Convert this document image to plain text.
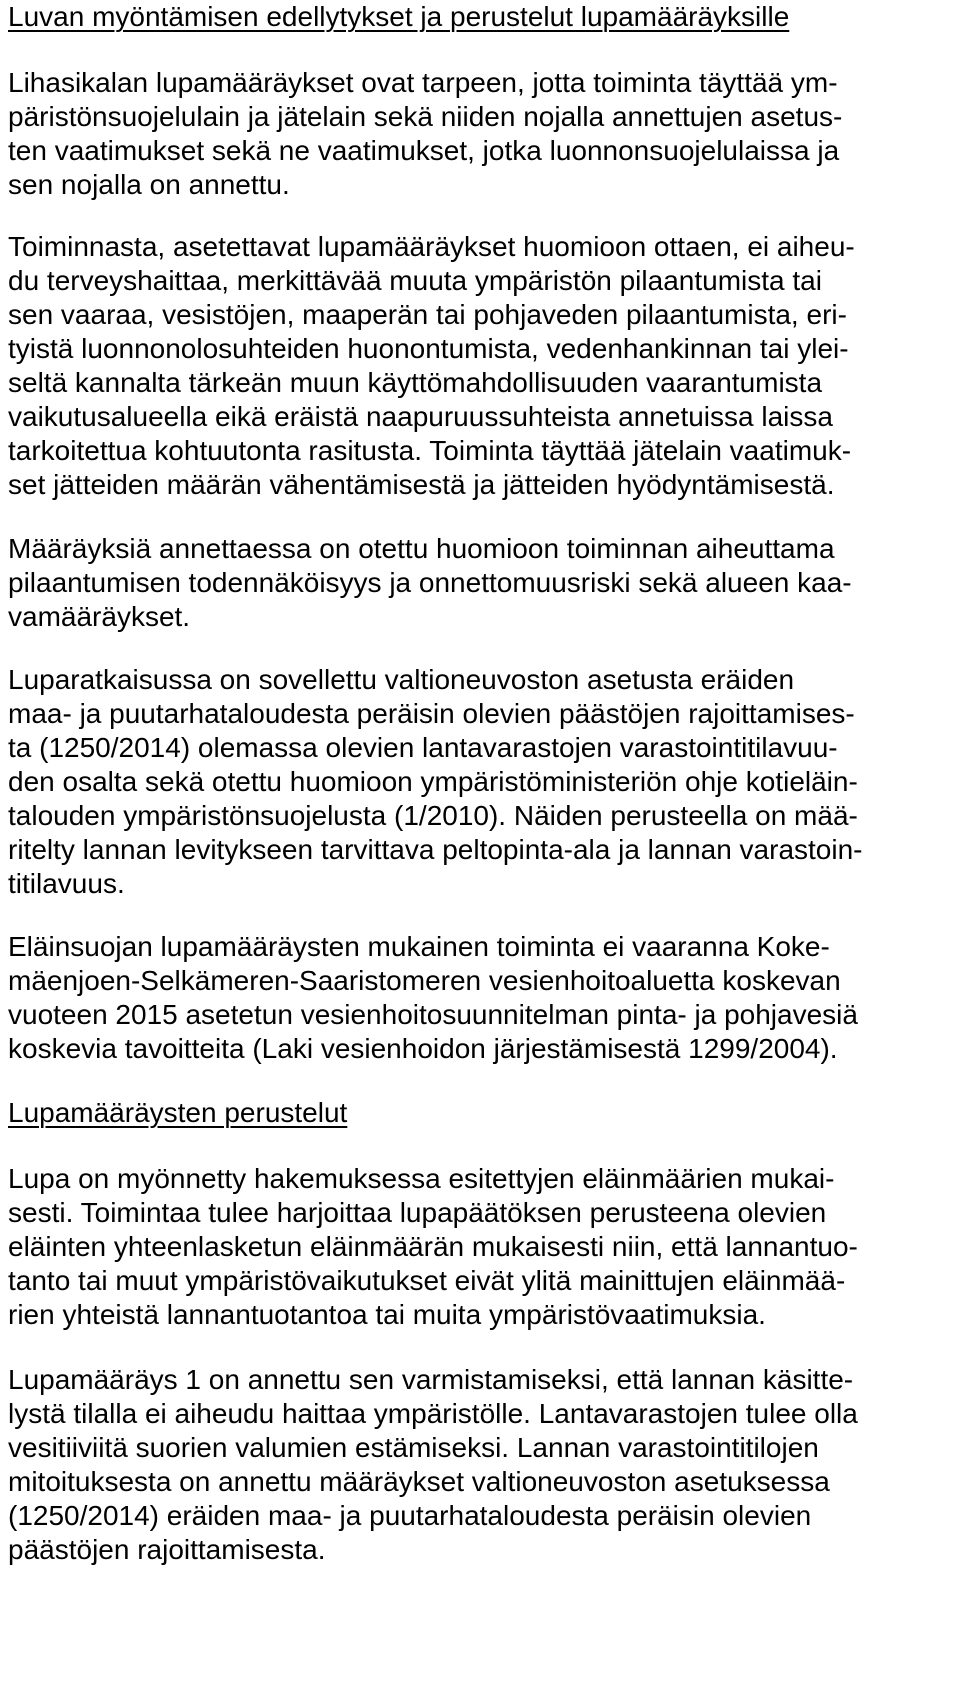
Luvan myöntämisen edellytykset ja perustelut lupamääräyksille

Lihasikalan lupamääräykset ovat tarpeen, jotta toiminta täyttää ym-

päristönsuojelulain ja jätelain sekä niiden nojalla annettujen asetus-

ten vaatimukset sekä ne vaatimukset, jotka luonnonsuojelulaissa ja

sen nojalla on annettu.

Toiminnasta, asetettavat lupamääräykset huomioon ottaen, ei aiheu-

du terveyshaittaa, merkittävää muuta ympäristön pilaantumista tai

sen vaaraa, vesistöjen, maaperän tai pohjaveden pilaantumista, eri-

tyistä luonnonolosuhteiden huonontumista, vedenhankinnan tai ylei-

seltä kannalta tärkeän muun käyttömahdollisuuden vaarantumista

vaikutusalueella eikä eräistä naapuruussuhteista annetuissa laissa

tarkoitettua kohtuutonta rasitusta. Toiminta täyttää jätelain vaatimuk-

set jätteiden määrän vähentämisestä ja jätteiden hyödyntämisestä.

Määräyksiä annettaessa on otettu huomioon toiminnan aiheuttama

pilaantumisen todennäköisyys ja onnettomuusriski sekä alueen kaa-

vamääräykset.

Luparatkaisussa on sovellettu valtioneuvoston asetusta eräiden

maa- ja puutarhataloudesta peräisin olevien päästöjen rajoittamises-

ta (1250/2014) olemassa olevien lantavarastojen varastointitilavuu-

den osalta sekä otettu huomioon ympäristöministeriön ohje kotieläin-

talouden ympäristönsuojelusta (1/2010). Näiden perusteella on mää-

ritelty lannan levitykseen tarvittava peltopinta-ala ja lannan varastoin-

titilavuus.

Eläinsuojan lupamääräysten mukainen toiminta ei vaaranna Koke-

mäenjoen-Selkämeren-Saaristomeren vesienhoitoaluetta koskevan

vuoteen 2015 asetetun vesienhoitosuunnitelman pinta- ja pohjavesiä

koskevia tavoitteita (Laki vesienhoidon järjestämisestä 1299/2004).

Lupamääräysten perustelut

Lupa on myönnetty hakemuksessa esitettyjen eläinmäärien mukai-

sesti. Toimintaa tulee harjoittaa lupapäätöksen perusteena olevien

eläinten yhteenlasketun eläinmäärän mukaisesti niin, että lannantuo-

tanto tai muut ympäristövaikutukset eivät ylitä mainittujen eläinmää-

rien yhteistä lannantuotantoa tai muita ympäristövaatimuksia.

Lupamääräys 1 on annettu sen varmistamiseksi, että lannan käsitte-

lystä tilalla ei aiheudu haittaa ympäristölle. Lantavarastojen tulee olla

vesitiiviitä suorien valumien estämiseksi. Lannan varastointitilojen

mitoituksesta on annettu määräykset valtioneuvoston asetuksessa

(1250/2014) eräiden maa- ja puutarhataloudesta peräisin olevien

päästöjen rajoittamisesta.
